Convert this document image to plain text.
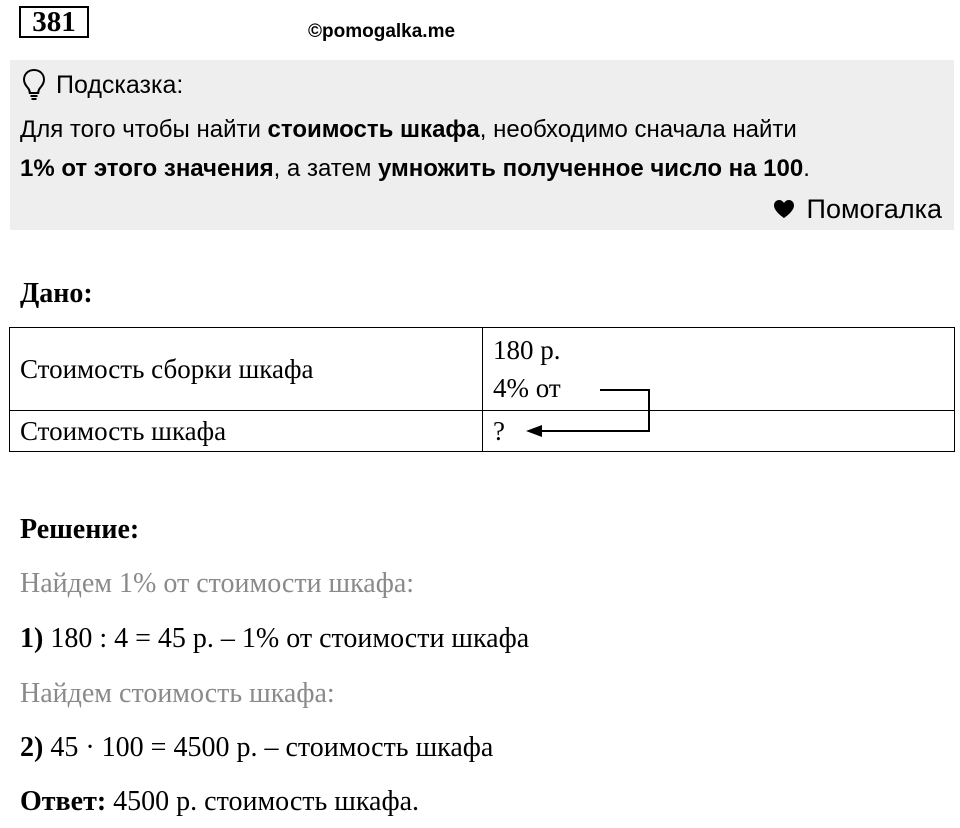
381	©pomogalka.me
Подсказка:
Для того чтобы найти стоимость шкафа, необходимо сначала найти
1% от этого значения, а затем умножить полученное число на 100.
Помогалка
Дано:
Стоимость сборки шкафа	180 р.
4% от

Стоимость шкафа	?
Решение:
Найдем 1% от стоимости шкафа:
1) 180 : 4 = 45 р. – 1% от стоимости шкафа
Найдем стоимость шкафа:
2) 45 · 100 = 4500 р. – стоимость шкафа
Ответ: 4500 р. стоимость шкафа.
